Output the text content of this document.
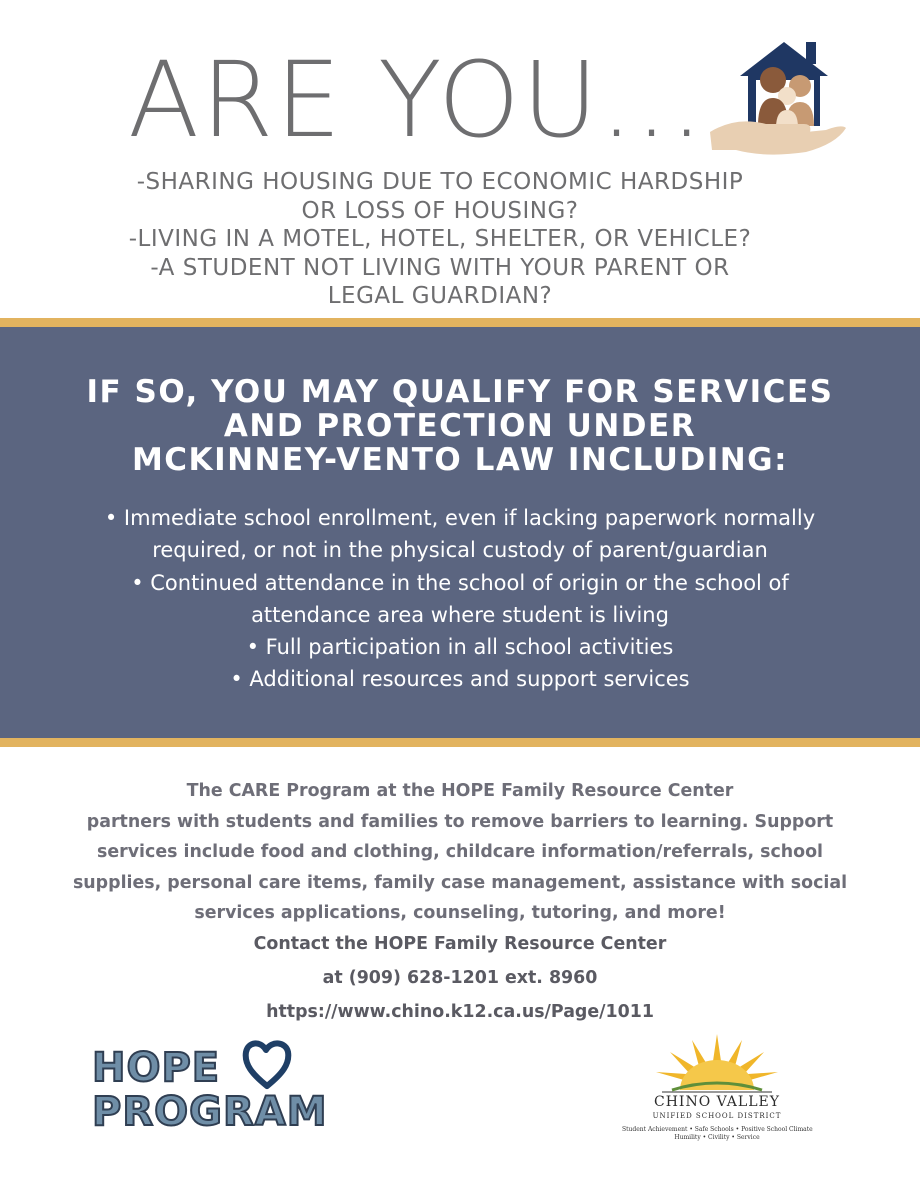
ARE YOU...
-SHARING HOUSING DUE TO ECONOMIC HARDSHIP
OR LOSS OF HOUSING?
-LIVING IN A MOTEL, HOTEL, SHELTER, OR VEHICLE?
-A STUDENT NOT LIVING WITH YOUR PARENT OR
LEGAL GUARDIAN?
IF SO, YOU MAY QUALIFY FOR SERVICES
AND PROTECTION UNDER
MCKINNEY-VENTO LAW INCLUDING:
• Immediate school enrollment, even if lacking paperwork normally
required, or not in the physical custody of parent/guardian
• Continued attendance in the school of origin or the school of
attendance area where student is living
• Full participation in all school activities
• Additional resources and support services
The CARE Program at the HOPE Family Resource Center
partners with students and families to remove barriers to learning. Support
services include food and clothing, childcare information/referrals, school
supplies, personal care items, family case management, assistance with social
services applications, counseling, tutoring, and more!
Contact the HOPE Family Resource Center
at (909) 628-1201 ext. 8960
https://www.chino.k12.ca.us/Page/1011
HOPE
PROGRAM	CHINO VALLEY
UNIFIED SCHOOL DISTRICT
Student Achievement • Safe Schools • Positive School Climate
Humility • Civility • Service
